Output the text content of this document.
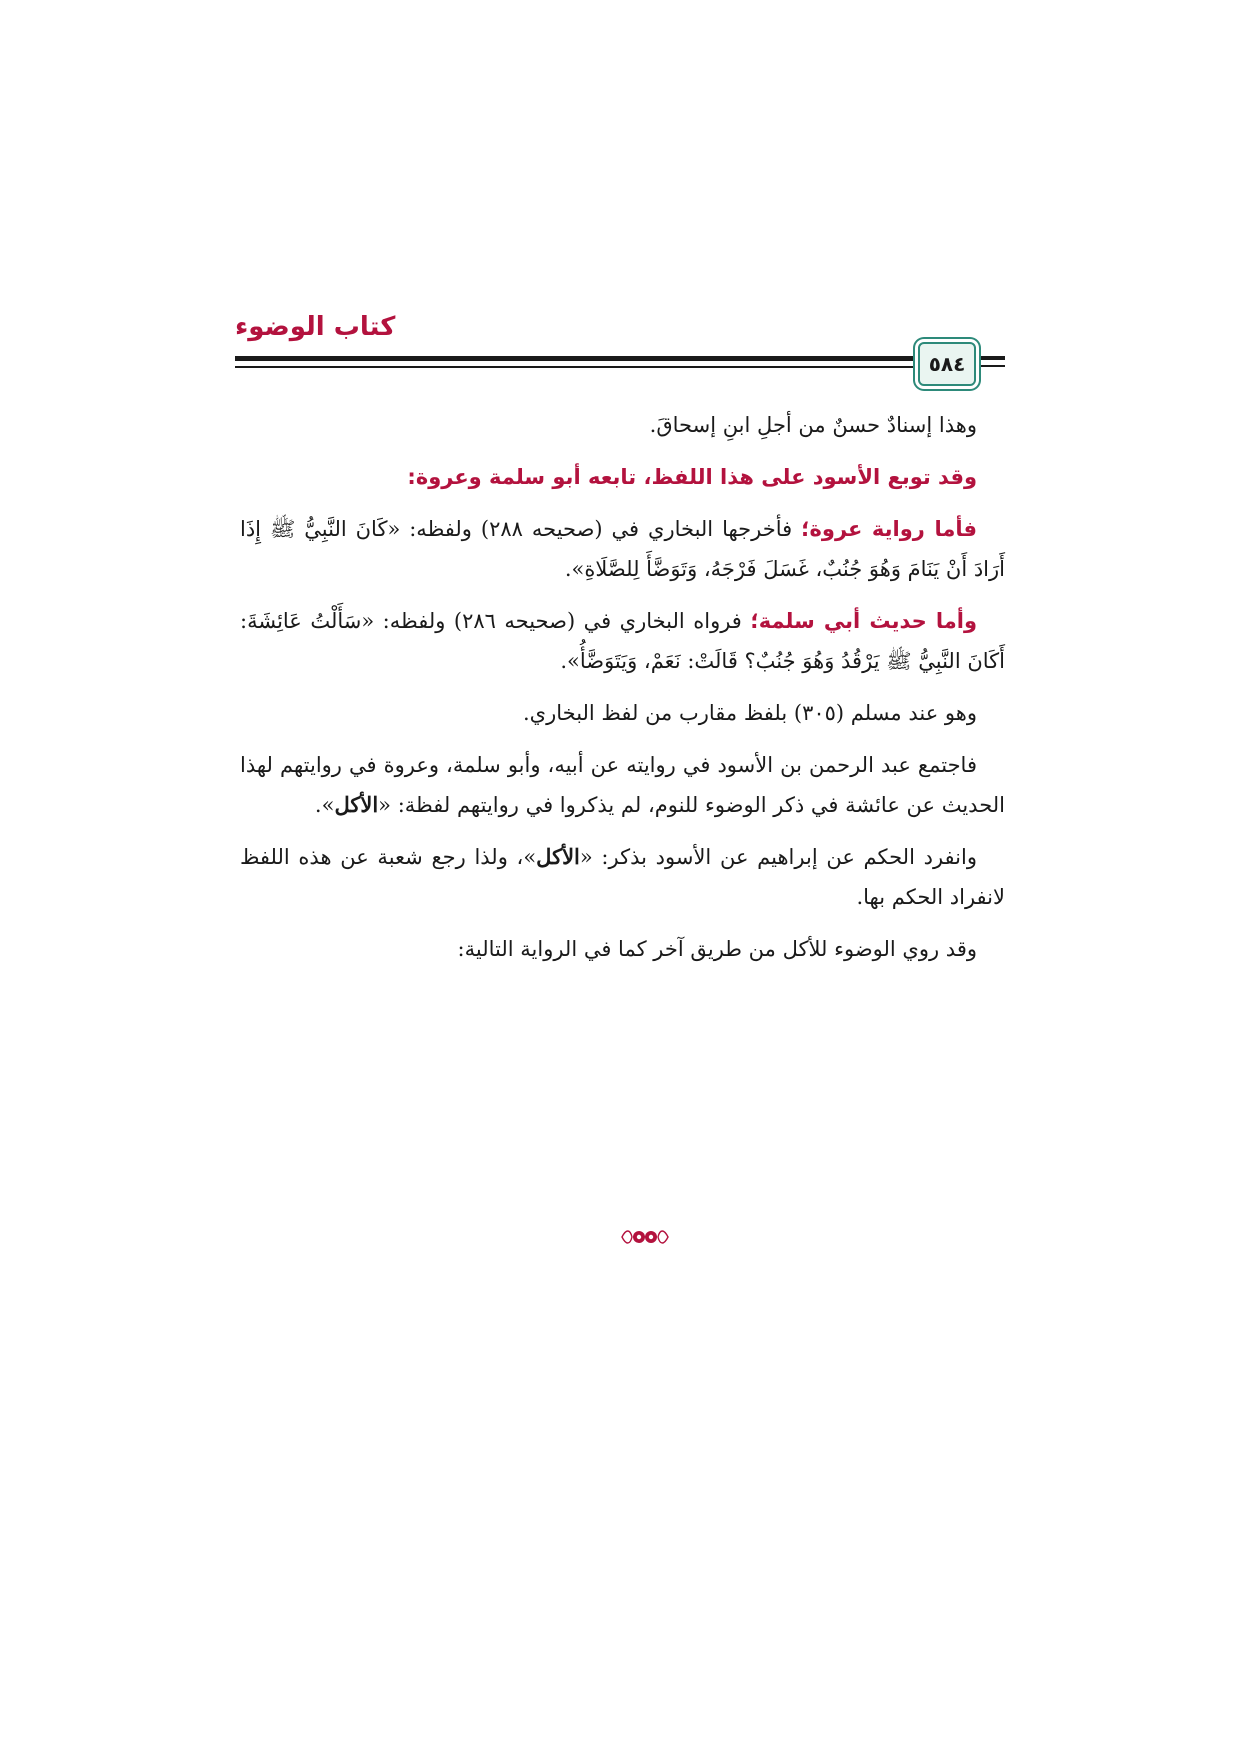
كتاب الوضوء
٥٨٤

وهذا إسنادٌ حسنٌ من أجلِ ابنِ إسحاقَ.

وقد توبع الأسود على هذا اللفظ، تابعه أبو سلمة وعروة:

فأما رواية عروة؛ فأخرجها البخاري في (صحيحه ٢٨٨) ولفظه: «كَانَ النَّبِيُّ ﷺ إِذَا أَرَادَ أَنْ يَنَامَ وَهُوَ جُنُبٌ، غَسَلَ فَرْجَهُ، وَتَوَضَّأَ لِلصَّلَاةِ».

وأما حديث أبي سلمة؛ فرواه البخاري في (صحيحه ٢٨٦) ولفظه: «سَأَلْتُ عَائِشَةَ: أَكَانَ النَّبِيُّ ﷺ يَرْقُدُ وَهُوَ جُنُبٌ؟ قَالَتْ: نَعَمْ، وَيَتَوَضَّأُ».

وهو عند مسلم (٣٠٥) بلفظ مقارب من لفظ البخاري.

فاجتمع عبد الرحمن بن الأسود في روايته عن أبيه، وأبو سلمة، وعروة في روايتهم لهذا الحديث عن عائشة في ذكر الوضوء للنوم، لم يذكروا في روايتهم لفظة: «الأكل».

وانفرد الحكم عن إبراهيم عن الأسود بذكر: «الأكل»، ولذا رجع شعبة عن هذه اللفظ لانفراد الحكم بها.

وقد روي الوضوء للأكل من طريق آخر كما في الرواية التالية:
